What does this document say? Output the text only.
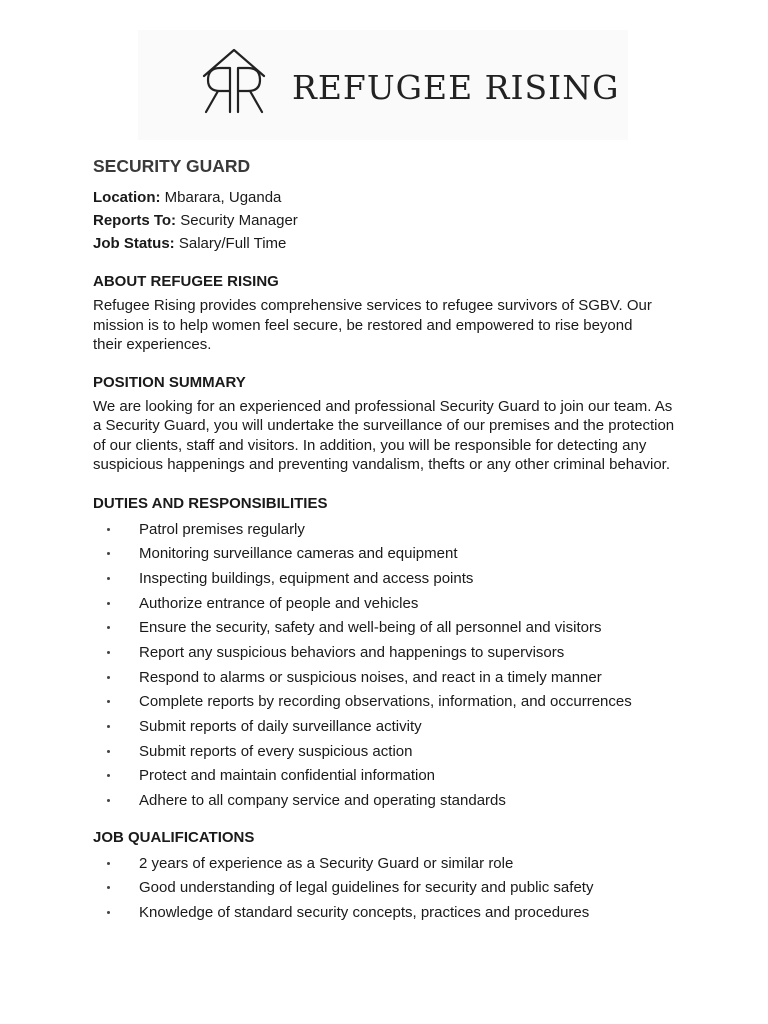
REFUGEE RISING
SECURITY GUARD
Location: Mbarara, Uganda
Reports To: Security Manager
Job Status: Salary/Full Time
ABOUT REFUGEE RISING

Refugee Rising provides comprehensive services to refugee survivors of SGBV. Our mission is to help women feel secure, be restored and empowered to rise beyond their experiences.

POSITION SUMMARY

We are looking for an experienced and professional Security Guard to join our team. As a Security Guard, you will undertake the surveillance of our premises and the protection of our clients, staff and visitors. In addition, you will be responsible for detecting any suspicious happenings and preventing vandalism, thefts or any other criminal behavior.

DUTIES AND RESPONSIBILITIES
Patrol premises regularly
Monitoring surveillance cameras and equipment
Inspecting buildings, equipment and access points
Authorize entrance of people and vehicles
Ensure the security, safety and well-being of all personnel and visitors
Report any suspicious behaviors and happenings to supervisors
Respond to alarms or suspicious noises, and react in a timely manner
Complete reports by recording observations, information, and occurrences
Submit reports of daily surveillance activity
Submit reports of every suspicious action
Protect and maintain confidential information
Adhere to all company service and operating standards
JOB QUALIFICATIONS
2 years of experience as a Security Guard or similar role
Good understanding of legal guidelines for security and public safety
Knowledge of standard security concepts, practices and procedures
